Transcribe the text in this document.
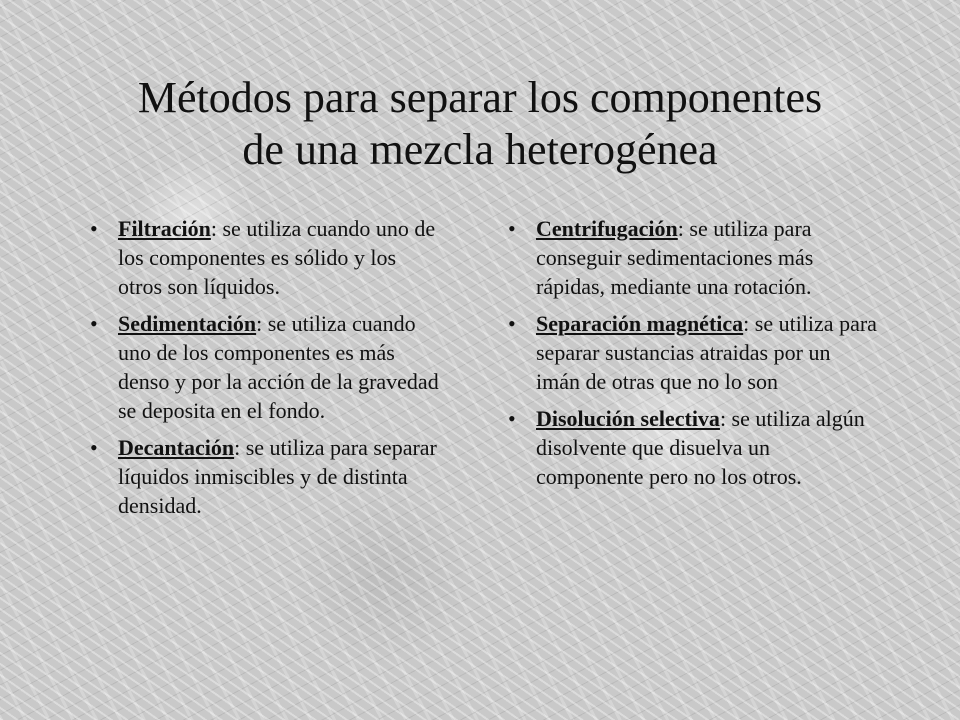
Métodos para separar los componentes
de una mezcla heterogénea
• Filtración: se utiliza cuando uno de los componentes es sólido y los otros son líquidos.
• Sedimentación: se utiliza cuando uno de los componentes es más denso y por la acción de la gravedad se deposita en el fondo.
• Decantación: se utiliza para separar líquidos inmiscibles y de distinta densidad.
• Centrifugación: se utiliza para conseguir sedimentaciones más rápidas, mediante una rotación.
• Separación magnética: se utiliza para separar sustancias atraidas por un imán de otras que no lo son
• Disolución selectiva: se utiliza algún disolvente que disuelva un componente pero no los otros.
